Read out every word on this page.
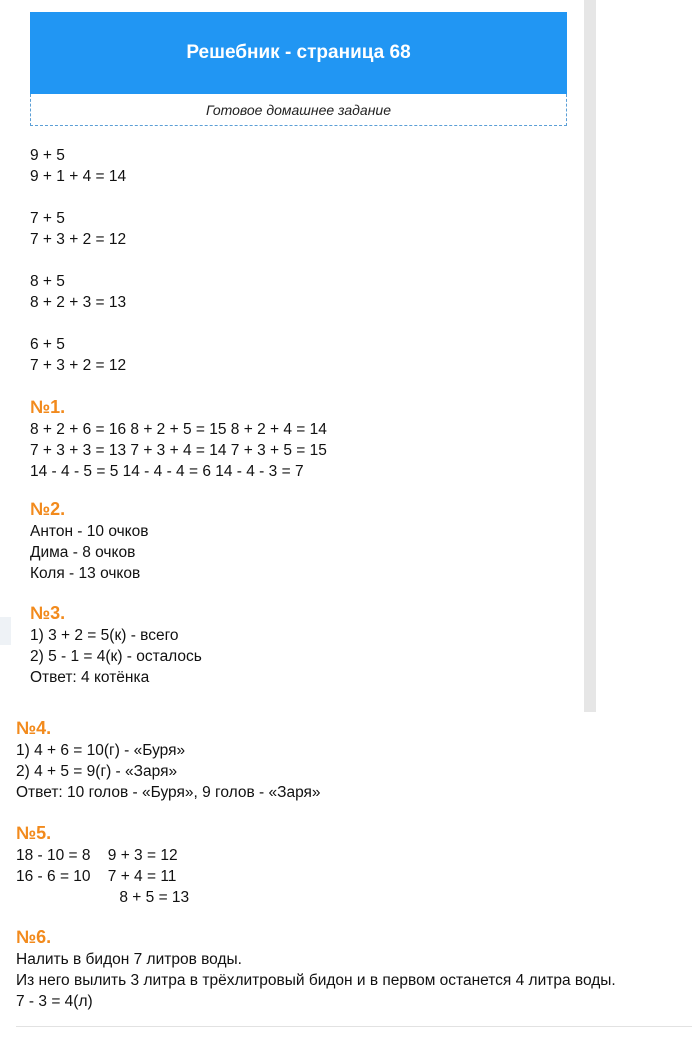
Решебник - страница 68
Готовое домашнее задание
9 + 5
9 + 1 + 4 = 14
7 + 5
7 + 3 + 2 = 12
8 + 5
8 + 2 + 3 = 13
6 + 5
7 + 3 + 2 = 12
№1.
8 + 2 + 6 = 16 8 + 2 + 5 = 15 8 + 2 + 4 = 14
7 + 3 + 3 = 13 7 + 3 + 4 = 14 7 + 3 + 5 = 15
14 - 4 - 5 = 5 14 - 4 - 4 = 6 14 - 4 - 3 = 7
№2.
Антон - 10 очков
Дима - 8 очков
Коля - 13 очков
№3.
1) 3 + 2 = 5(к) - всего
2) 5 - 1 = 4(к) - осталось
Ответ: 4 котёнка
№4.
1) 4 + 6 = 10(г) - «Буря»
2) 4 + 5 = 9(г) - «Заря»
Ответ: 10 голов - «Буря», 9 голов - «Заря»
№5.
18 - 10 = 8    9 + 3 = 12
16 - 6 = 10    7 + 4 = 11
8 + 5 = 13
№6.
Налить в бидон 7 литров воды.
Из него вылить 3 литра в трёхлитровый бидон и в первом останется 4 литра воды.
7 - 3 = 4(л)
